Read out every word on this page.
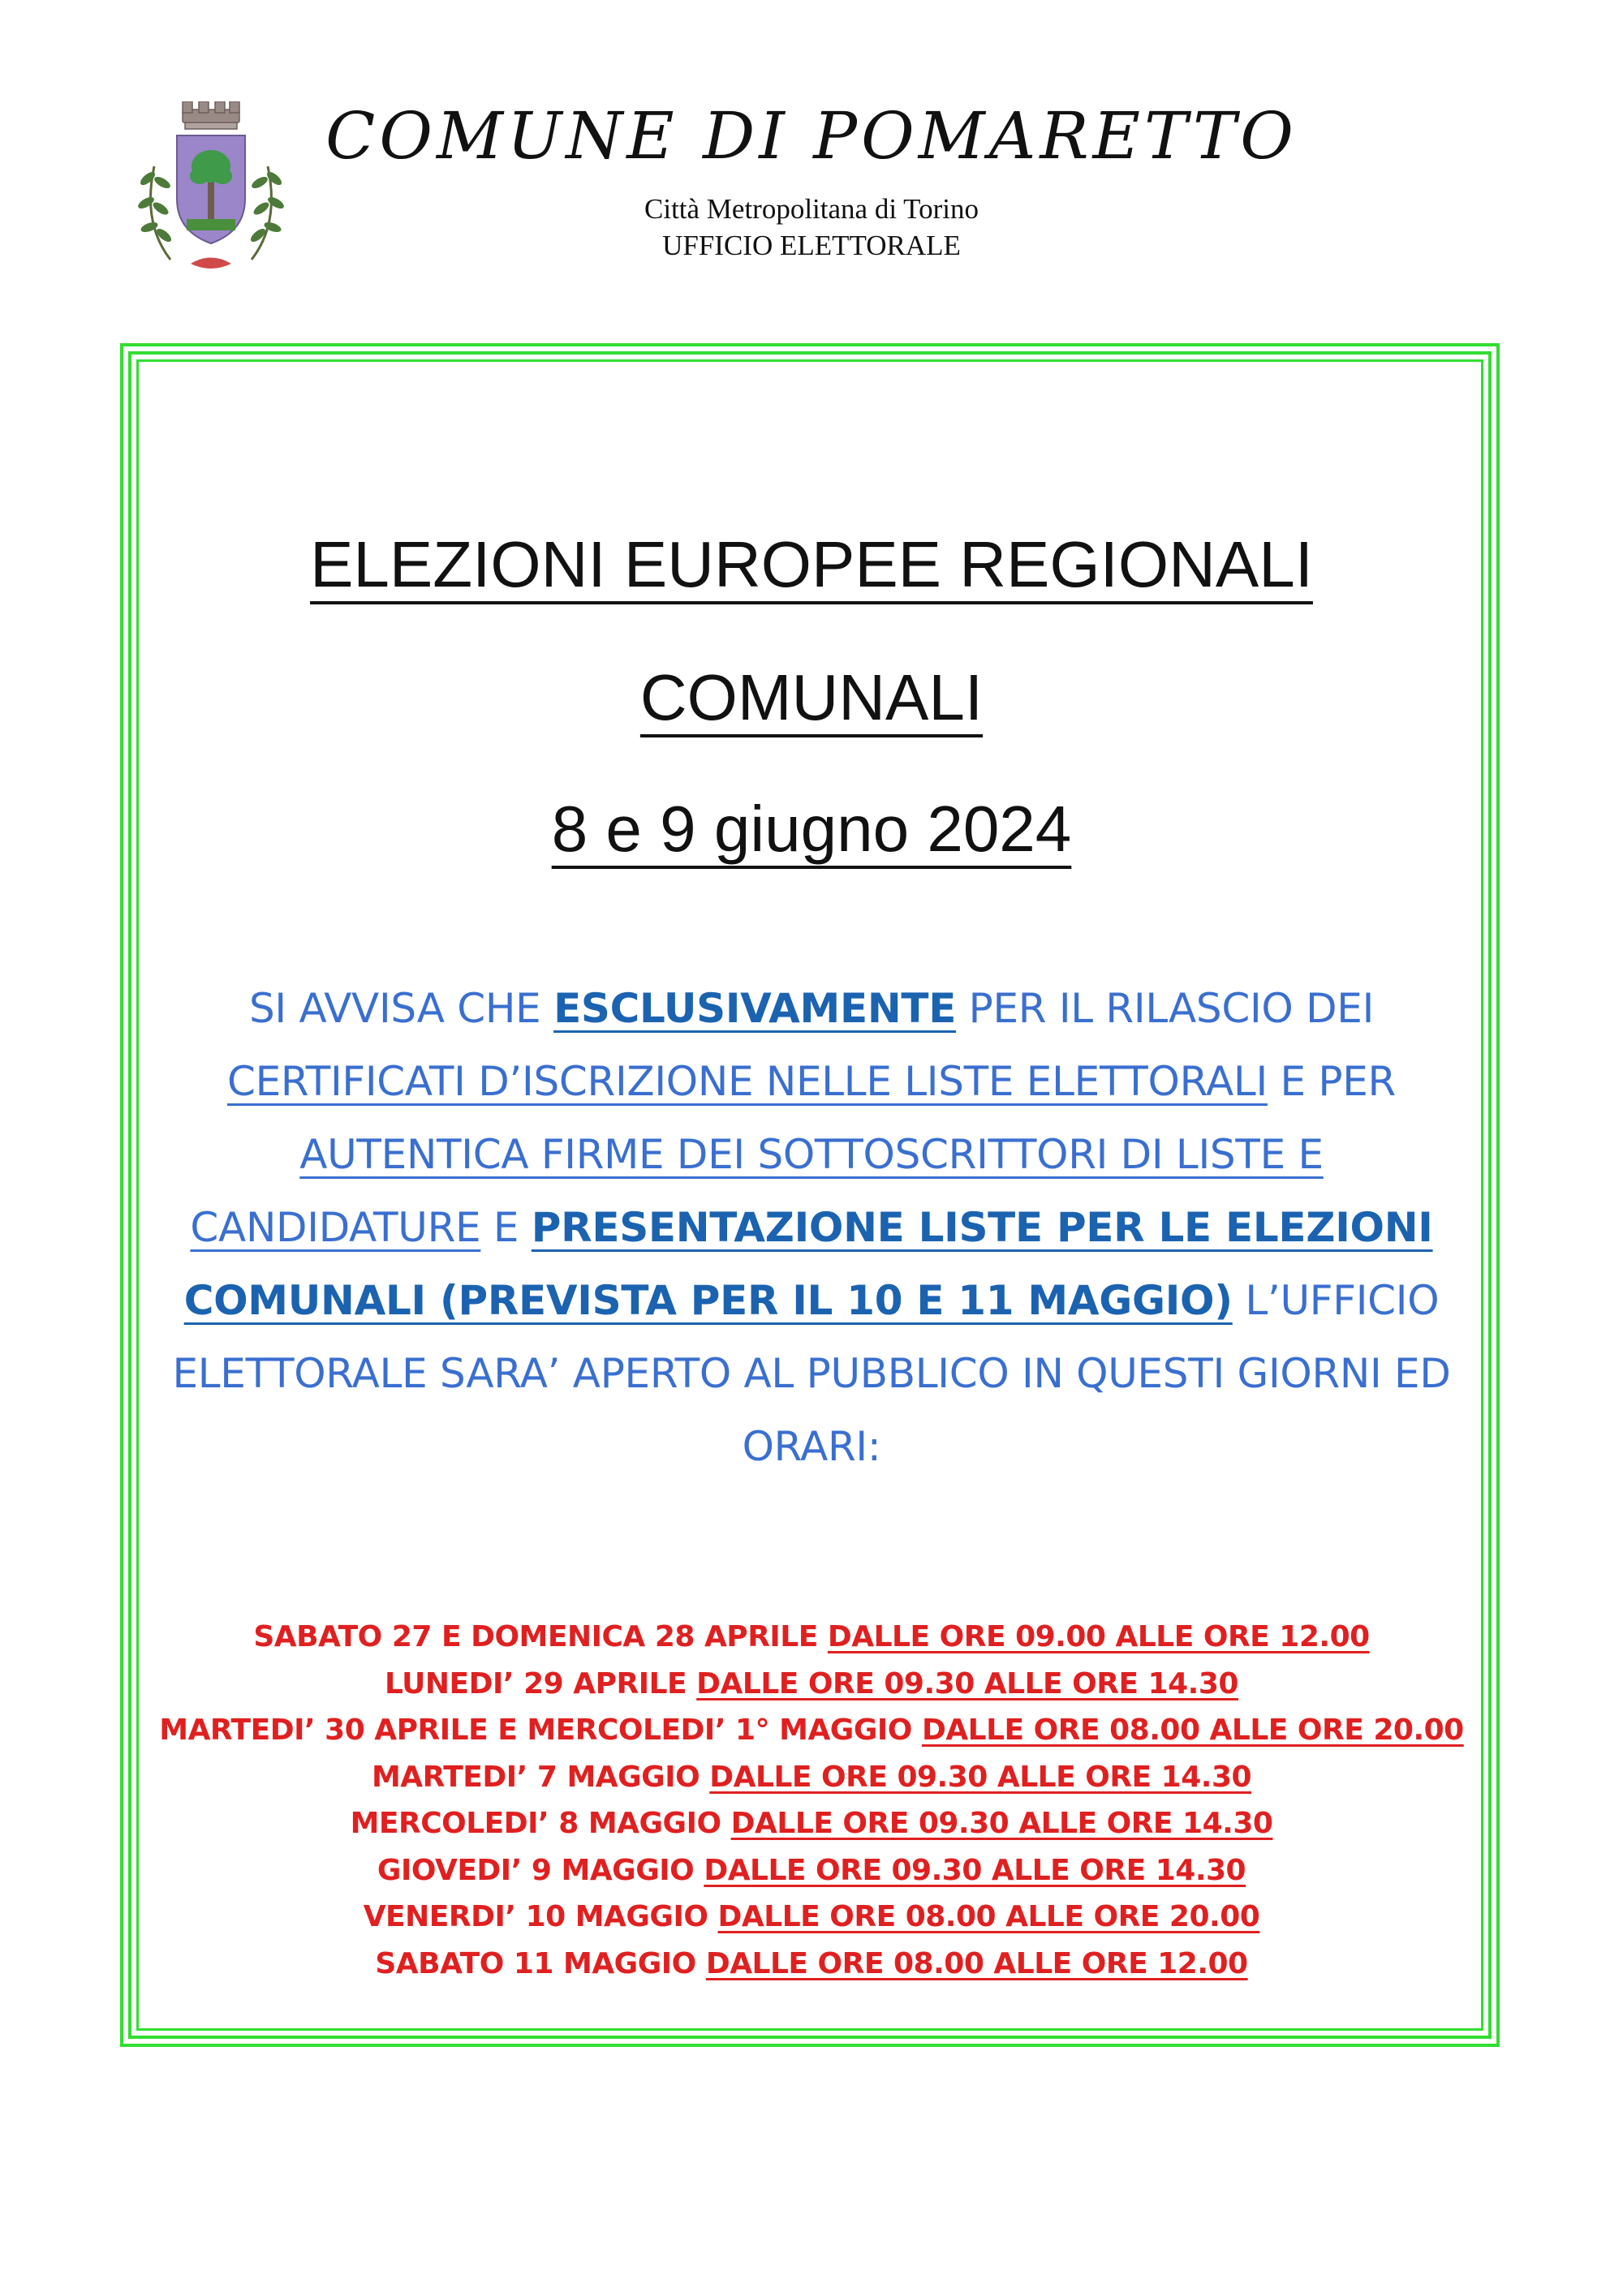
COMUNE DI POMARETTO
Città Metropolitana di Torino
UFFICIO ELETTORALE
ELEZIONI EUROPEE REGIONALI
COMUNALI
8 e 9 giugno 2024
SI AVVISA CHE ESCLUSIVAMENTE PER IL RILASCIO DEI CERTIFICATI D’ISCRIZIONE NELLE LISTE ELETTORALI E PER AUTENTICA FIRME DEI SOTTOSCRITTORI DI LISTE E CANDIDATURE E PRESENTAZIONE LISTE PER LE ELEZIONI COMUNALI (PREVISTA PER IL 10 E 11 MAGGIO) L’UFFICIO ELETTORALE SARA’ APERTO AL PUBBLICO IN QUESTI GIORNI ED ORARI:
SABATO 27 E DOMENICA 28 APRILE DALLE ORE 09.00 ALLE ORE 12.00
LUNEDI’ 29 APRILE DALLE ORE 09.30 ALLE ORE 14.30
MARTEDI’ 30 APRILE E MERCOLEDI’ 1° MAGGIO DALLE ORE 08.00 ALLE ORE 20.00
MARTEDI’ 7 MAGGIO DALLE ORE 09.30 ALLE ORE 14.30
MERCOLEDI’ 8 MAGGIO DALLE ORE 09.30 ALLE ORE 14.30
GIOVEDI’ 9 MAGGIO DALLE ORE 09.30 ALLE ORE 14.30
VENERDI’ 10 MAGGIO DALLE ORE 08.00 ALLE ORE 20.00
SABATO 11 MAGGIO DALLE ORE 08.00 ALLE ORE 12.00
